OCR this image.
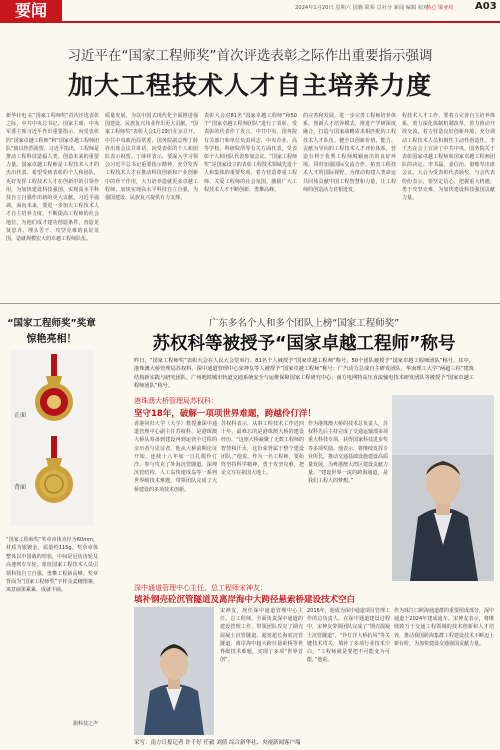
要闻	2024年1月20日 星期六 国籍 联系 总社分 新闻 编辑 校对
核心 梁亚纹 A03
习近平在“国家工程师奖”首次评选表彰之际作出重要指示强调
加大工程技术人才自主培养力度

新华社电 在“国家工程师奖”首次评选表彰之际，中共中央总书记、国家主席、中央军委主席习近平作出重要指示，向受表彰的“国家卓越工程师”和“国家卓越工程师团队”致以热烈祝贺。习近平指出，工程师是推动工程科技造福人类、创造未来的重要力量。国家卓越工程师是工程技术人才的杰出代表。希望受到表彰的个人和团队，更好发挥工程技术人才在创新中的引领作用，为加快建设科技强国、实现高水平科技自立自强作出新的更大贡献。习近平强调，面向未来，要进一步加大工程技术人才自主培养力度，不断提高工程师的社会地位，为他们成才建功创造条件，营造见贤思齐、埋头苦干、攻坚克难的良好氛围，造就规模宏大的卓越工程师队伍。

质量发展，为以中国式现代化全面推进强国建设、民族复兴伟业作出更大贡献。“国家工程师奖”表彰大会1月19日在京召开。中共中央政治局常委、国务院副总理丁薛祥出席会议并讲话，向受表彰的个人和团队表示祝贺。丁薛祥表示，要深入学习领会习近平总书记重要指示精神，充分发挥工程技术人才在推动科技创新和产业创新中的骨干作用，大力培养造就更多卓越工程师，加快实现高水平科技自立自强，为强国建设、民族复兴提供有力支撑。

表彰大会对81名“国家卓越工程师”和50个“国家卓越工程师团队”进行了表彰。受表彰的代表作了发言。中共中央、国务院有关部门和单位负责同志，中央企业、高等学校、科研院所等有关方面代表，受表彰个人和团队代表参加会议。“国家工程师奖”是国家设立的表彰工程技术领域先进个人和集体的重要奖项，着力营造尊重工程师、关爱工程师的社会氛围，激励广大工程技术人才不断创新、勇攀高峰。

的完善和发展。进一步完善工程师培养体系，创新人才培养模式，推进产学研深度融合，打造与国家战略需求相匹配的工程技术人才队伍。健全以创新价值、能力、贡献为导向的工程技术人才评价体系，营造有利于优秀工程师脱颖而出的良好环境。同时加强国际交流合作，拓宽工程技术人才的国际视野，为推动构建人类命运共同体贡献中国工程智慧和力量，让工程师的创造活力竞相迸发。

程技术人才工作，要着力完善自主培养体系，着力深化体制机制改革，着力推动开放交流，着力营造良好创新环境，充分调动工程技术人员积极性主动性创造性。李干杰在会上宣读了中共中央、国务院关于表彰国家卓越工程师和国家卓越工程师团队的决定。李书磊、姜信治、谌贻琴出席会议。大会为受表彰代表颁奖，与会代表纷纷表示，要坚定信心，把握重大机遇，勇于攻坚克难，为加快建设科技强国贡献力量。

“国家工程师奖”奖章
惊艳亮相！
正面
背面
“国家工程师奖”奖章章体直径为60mm，材质为银镀金，质量约115g。奖章章体整体以中国载的形状，中间是冠状齿轮及高速列车车轮，象征国家工程技术人员引领科技自立自强，勇攀工程新高峰。奖章背面为“国家工程师奖”字样及麦穗图案，寓意硕果累累、成就丰硕。
据科技之声
广东多名个人和多个团队上榜“国家工程师奖”
苏权科等被授予“国家卓越工程师”称号
昨日，“国家工程师奖”表彰大会在人民大会堂举行。81名个人被授予“国家卓越工程师”称号，50个团队被授予“国家卓越工程师团队”称号。其中，港珠澳大桥管理局苏权科、深中通道管理中心宋神友等人被授予“国家卓越工程师”称号；广汽动力总成自主研发团队、华南理工大学“两超三柱”建筑结构新实践与研究团队、广州地铁城市轨道交通系统安全与运维保障国家工程研究中心、南方电网特高压直流输电技术研发团队等被授予“国家卓越工程师团队”称号。
港珠澳大桥管理局苏权科：
坚守18年，破解一项项世界难题，跨越伶仃洋！
香港回归大学（大学）教授兼深中通道管理中心副主任苏权科，是港珠澳大桥从筹备到建设再到运营全过程的亲历者与见证者。他从大桥前期论证开始，连续十八年如一日扎根伶仃洋，参与攻克了外海沉管隧道、深埋沉管结构、人工岛快速成岛等一系列世界级技术难题，带领团队完成了大桥建设的多项技术创新。
苏权科表示，从事工程技术工作近四十年，最难忘的是港珠澳大桥的建设经历。“这座大桥凝聚了无数工程师的智慧和汗水，这份荣誉属于整个建设团队。”他说，作为一名工程师，要始终坚持科学精神，勇于攻坚克难，把论文写在祖国大地上。
作为港珠澳大桥的技术总负责人，苏权科先后主持完成了交通运输部多项重大科技专项，获得国家科技进步奖等多项奖励。他表示，将继续发挥专业所长，推动交通基础设施建设高质量发展，为粤港澳大湾区建设贡献力量。“建设世界一流的跨海通道，是我们工程人的梦想。”
深中通道管理中心主任、总工程师宋神友：
填补钢壳砼沉管隧道及离岸海中大跨径悬索桥建设技术空白
宋神友，现任深中通道管理中心主任、总工程师。全面负责深中通道的建设管理工作，带领团队攻克了钢壳混凝土沉管隧道、超宽超长海底沉管隧道、离岸海中超大跨径悬索桥等世界级技术难题，实现了多项“世界首创”。
2016年，他成为深中通道项目管理工作的总负责人。在深中通道建设过程中，宋神友带领团队完成了“钢壳混凝土沉管隧道”、“伶仃洋大桥抗风”等关键技术攻关，填补了多项行业技术空白。“工程师就是要把不可能变为可能。”他说。
作为珠江口跨海通道群的重要组成部分，深中通道于2024年建成通车。宋神友表示，将继续致力于交通工程领域的技术创新和人才培养，推动我国跨海集群工程建设技术不断迈上新台阶，为加快建设交通强国贡献力量。
采写：南方日报记者 许千好 任毅 刘倩 综合新华社、央视新闻客户端
